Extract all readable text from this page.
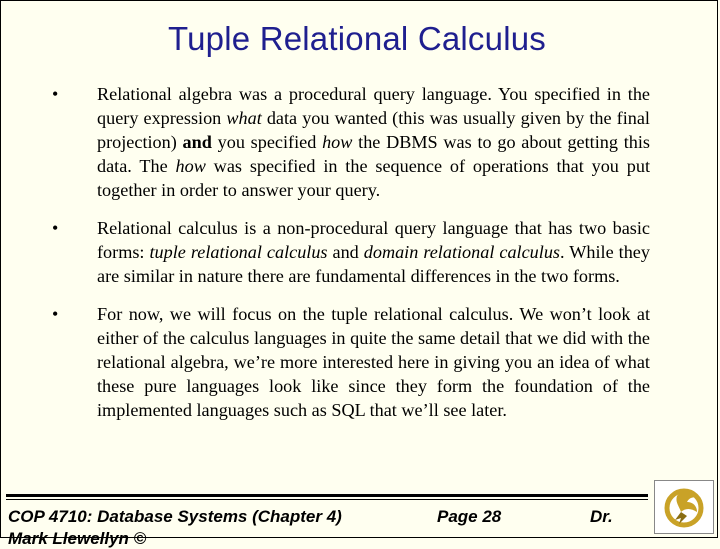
Tuple Relational Calculus
•	Relational algebra was a procedural query language. You specified in the query expression what data you wanted (this was usually given by the final projection) and you specified how the DBMS was to go about getting this data. The how was specified in the sequence of operations that you put together in order to answer your query.
•	Relational calculus is a non-procedural query language that has two basic forms: tuple relational calculus and domain relational calculus. While they are similar in nature there are fundamental differences in the two forms.
•	For now, we will focus on the tuple relational calculus. We won’t look at either of the calculus languages in quite the same detail that we did with the relational algebra, we’re more interested here in giving you an idea of what these pure languages look like since they form the foundation of the implemented languages such as SQL that we’ll see later.
COP 4710: Database Systems (Chapter 4)	Page 28	Dr.
Mark Llewellyn ©
